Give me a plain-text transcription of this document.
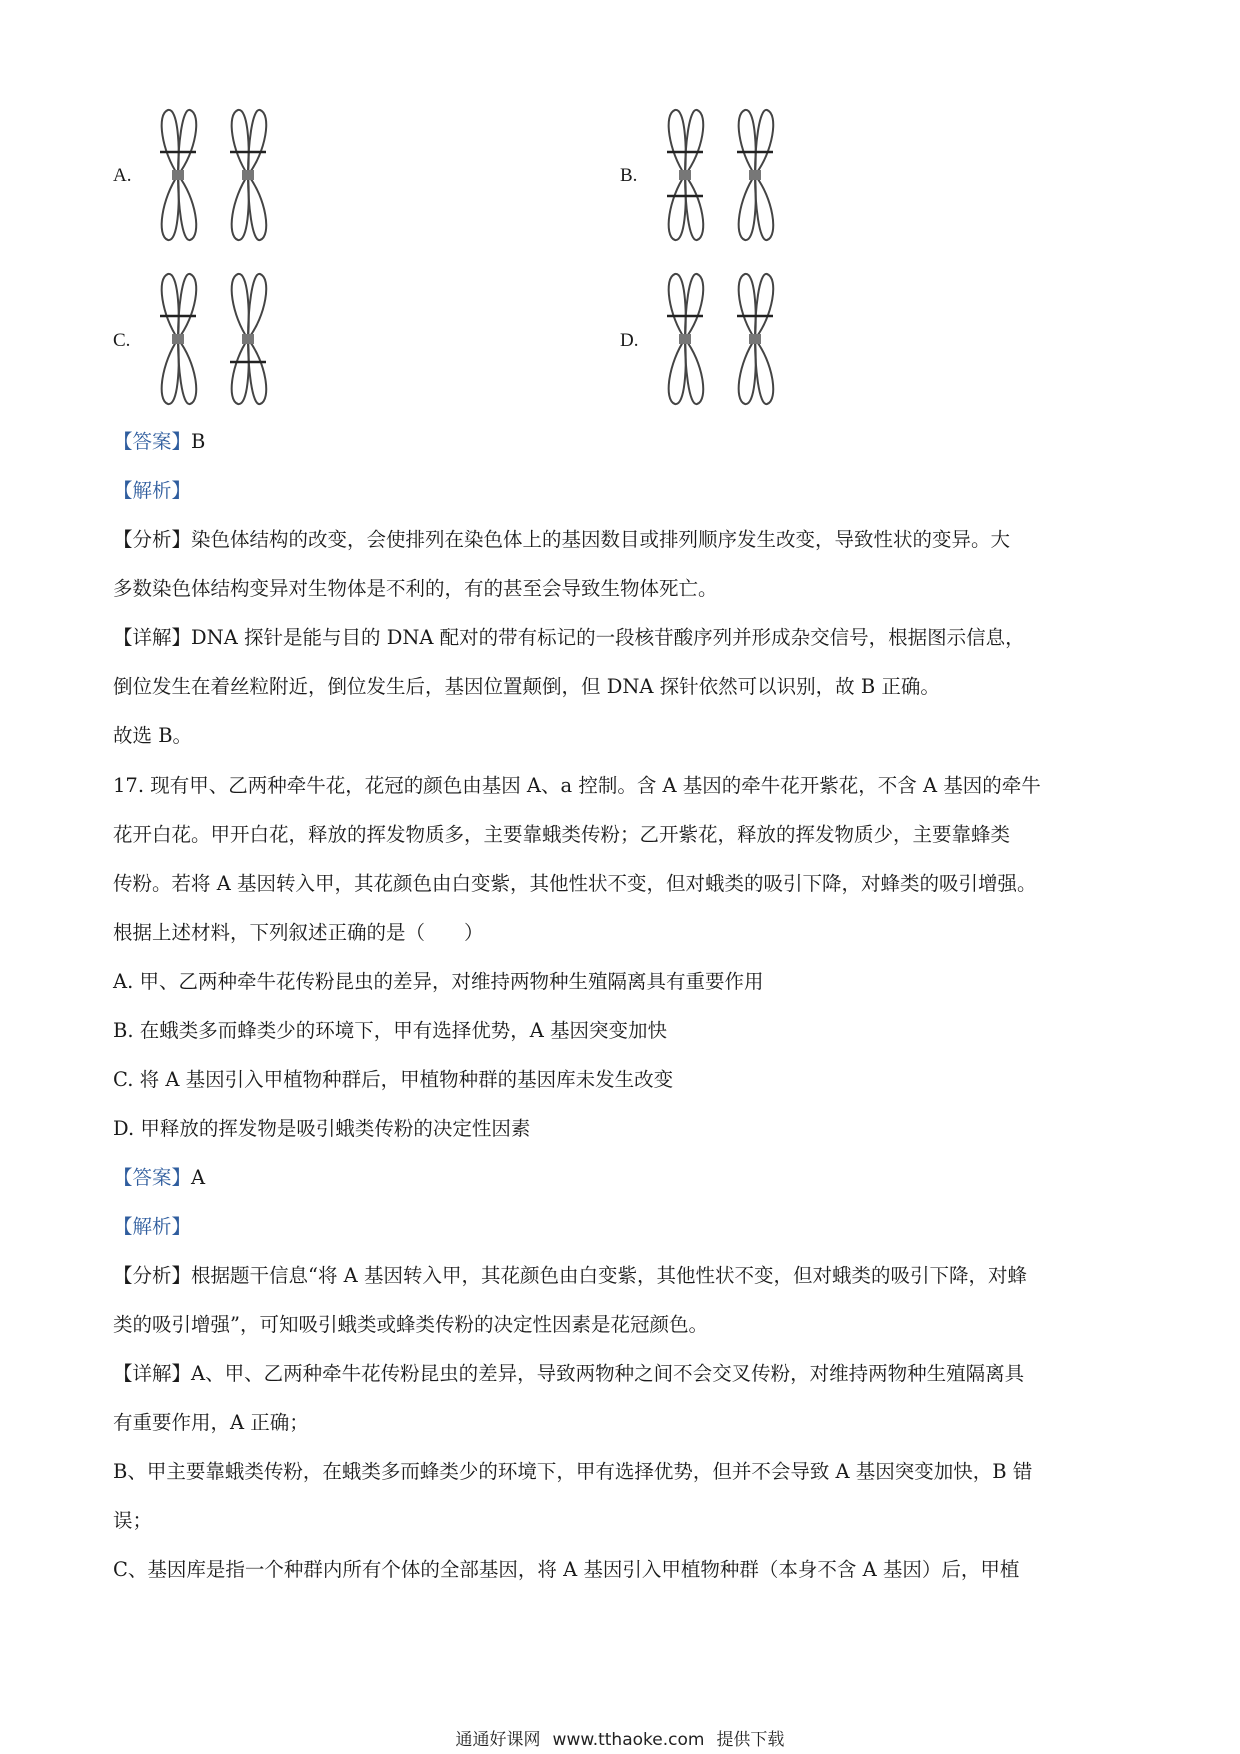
A.	B.
C.	D.
【答案】B
【解析】
【分析】染色体结构的改变，会使排列在染色体上的基因数目或排列顺序发生改变，导致性状的变异。大
多数染色体结构变异对生物体是不利的，有的甚至会导致生物体死亡。
【详解】DNA 探针是能与目的 DNA 配对的带有标记的一段核苷酸序列并形成杂交信号，根据图示信息，
倒位发生在着丝粒附近，倒位发生后，基因位置颠倒，但 DNA 探针依然可以识别，故 B 正确。
故选 B。
17. 现有甲、乙两种牵牛花，花冠的颜色由基因 A、a 控制。含 A 基因的牵牛花开紫花，不含 A 基因的牵牛
花开白花。甲开白花，释放的挥发物质多，主要靠蛾类传粉；乙开紫花，释放的挥发物质少，主要靠蜂类
传粉。若将 A 基因转入甲，其花颜色由白变紫，其他性状不变，但对蛾类的吸引下降，对蜂类的吸引增强。
根据上述材料，下列叙述正确的是（　　）
A. 甲、乙两种牵牛花传粉昆虫的差异，对维持两物种生殖隔离具有重要作用
B. 在蛾类多而蜂类少的环境下，甲有选择优势，A 基因突变加快
C. 将 A 基因引入甲植物种群后，甲植物种群的基因库未发生改变
D. 甲释放的挥发物是吸引蛾类传粉的决定性因素
【答案】A
【解析】
【分析】根据题干信息“将 A 基因转入甲，其花颜色由白变紫，其他性状不变，但对蛾类的吸引下降，对蜂
类的吸引增强”，可知吸引蛾类或蜂类传粉的决定性因素是花冠颜色。
【详解】A、甲、乙两种牵牛花传粉昆虫的差异，导致两物种之间不会交叉传粉，对维持两物种生殖隔离具
有重要作用，A 正确；
B、甲主要靠蛾类传粉，在蛾类多而蜂类少的环境下，甲有选择优势，但并不会导致 A 基因突变加快，B 错
误；
C、基因库是指一个种群内所有个体的全部基因，将 A 基因引入甲植物种群（本身不含 A 基因）后，甲植
通通好课网 www.tthaoke.com 提供下载
